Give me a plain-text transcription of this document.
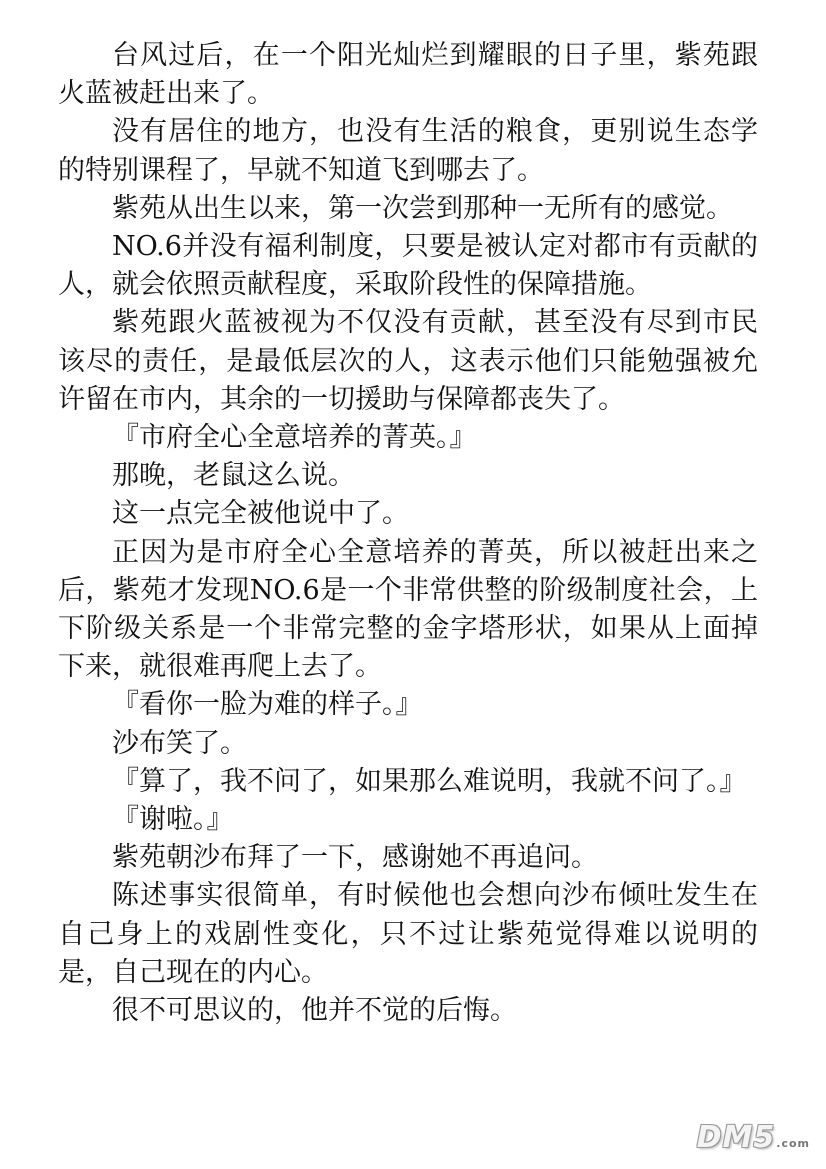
台风过后，在一个阳光灿烂到耀眼的日子里，紫苑跟火蓝被赶出来了。

没有居住的地方，也没有生活的粮食，更别说生态学的特别课程了，早就不知道飞到哪去了。

紫苑从出生以来，第一次尝到那种一无所有的感觉。

NO.6并没有福利制度，只要是被认定对都市有贡献的人，就会依照贡献程度，采取阶段性的保障措施。

紫苑跟火蓝被视为不仅没有贡献，甚至没有尽到市民该尽的责任，是最低层次的人，这表示他们只能勉强被允许留在市内，其余的一切援助与保障都丧失了。

『市府全心全意培养的菁英。』

那晚，老鼠这么说。

这一点完全被他说中了。

正因为是市府全心全意培养的菁英，所以被赶出来之后，紫苑才发现NO.6是一个非常供整的阶级制度社会，上下阶级关系是一个非常完整的金字塔形状，如果从上面掉下来，就很难再爬上去了。

『看你一脸为难的样子。』

沙布笑了。

『算了，我不问了，如果那么难说明，我就不问了。』

『谢啦。』

紫苑朝沙布拜了一下，感谢她不再追问。

陈述事实很简单，有时候他也会想向沙布倾吐发生在自己身上的戏剧性变化，只不过让紫苑觉得难以说明的是，自己现在的内心。

很不可思议的，他并不觉的后悔。

DM5.com
